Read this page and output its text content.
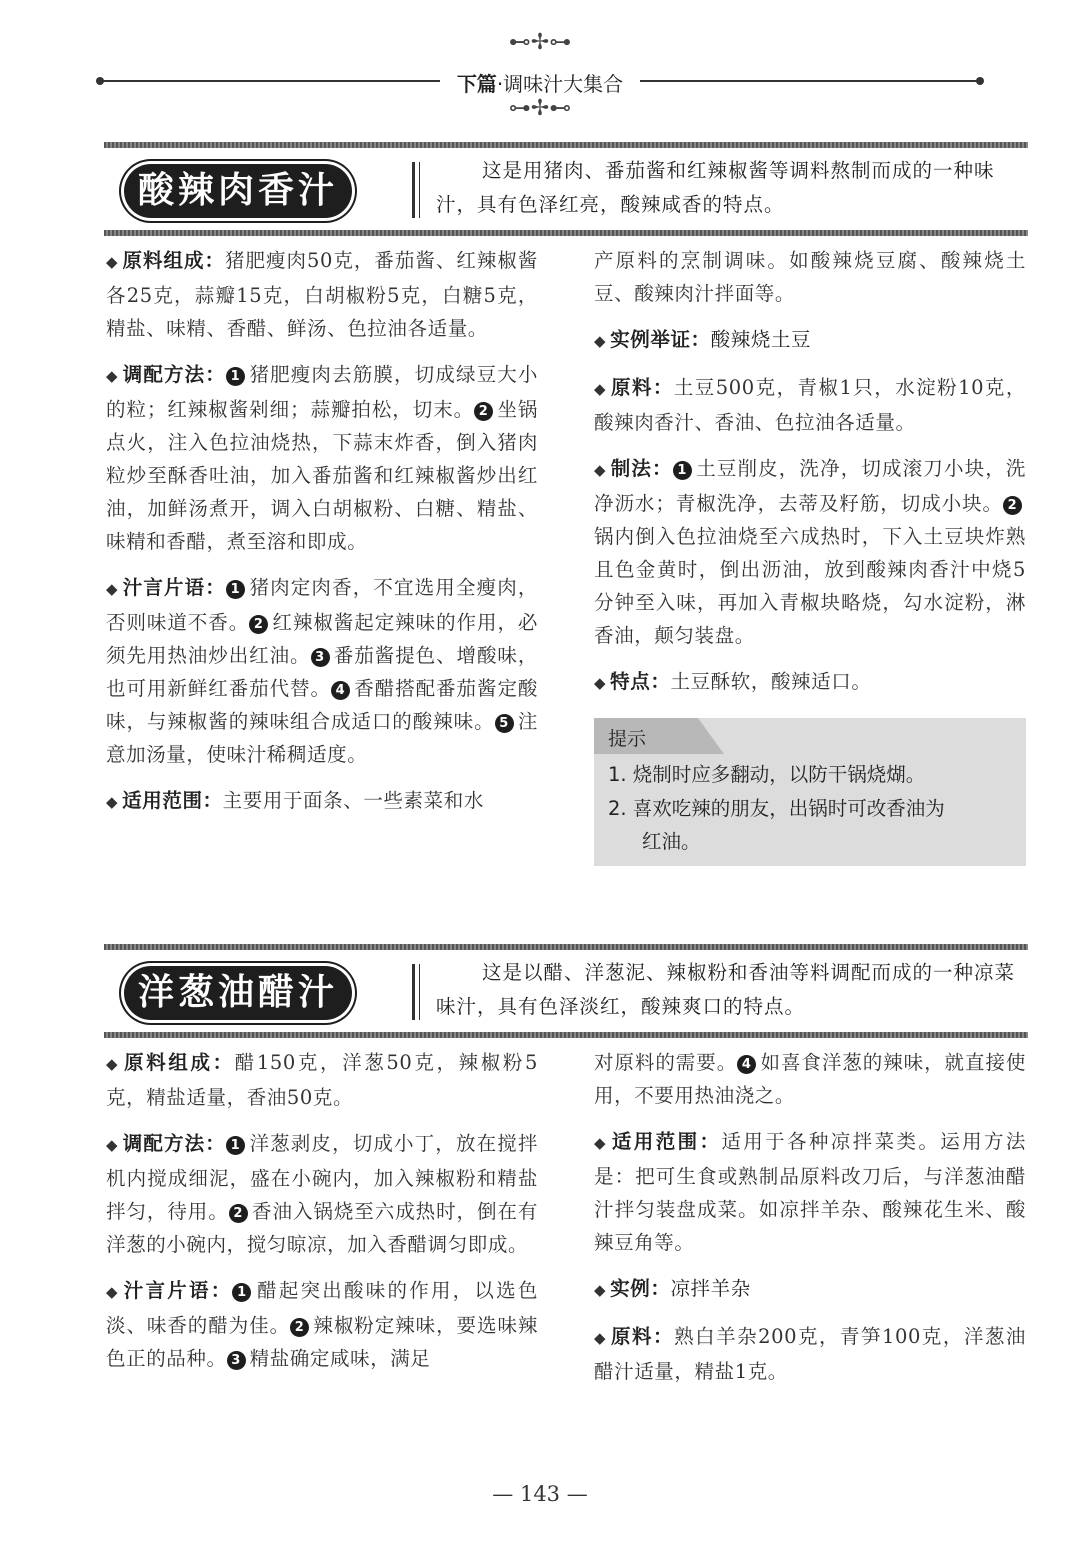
⊷✢⊶
下篇·调味汁大集合
⊶✢⊷
酸辣肉香汁	这是用猪肉、番茄酱和红辣椒酱等调料熬制而成的一种味汁，具有色泽红亮，酸辣咸香的特点。

◆ 原料组成：猪肥瘦肉50克，番茄酱、红辣椒酱各25克，蒜瓣15克，白胡椒粉5克，白糖5克，精盐、味精、香醋、鲜汤、色拉油各适量。

◆ 调配方法： 1 猪肥瘦肉去筋膜，切成绿豆大小的粒；红辣椒酱剁细；蒜瓣拍松，切末。 2 坐锅点火，注入色拉油烧热，下蒜末炸香，倒入猪肉粒炒至酥香吐油，加入番茄酱和红辣椒酱炒出红油，加鲜汤煮开，调入白胡椒粉、白糖、精盐、味精和香醋，煮至溶和即成。

◆ 汁言片语： 1 猪肉定肉香，不宜选用全瘦肉，否则味道不香。 2 红辣椒酱起定辣味的作用，必须先用热油炒出红油。 3 番茄酱提色、增酸味，也可用新鲜红番茄代替。 4 香醋搭配番茄酱定酸味，与辣椒酱的辣味组合成适口的酸辣味。 5 注意加汤量，使味汁稀稠适度。

◆ 适用范围：主要用于面条、一些素菜和水

产原料的烹制调味。如酸辣烧豆腐、酸辣烧土豆、酸辣肉汁拌面等。

◆ 实例举证：酸辣烧土豆

◆ 原料：土豆500克，青椒1只，水淀粉10克，酸辣肉香汁、香油、色拉油各适量。

◆ 制法： 1 土豆削皮，洗净，切成滚刀小块，洗净沥水；青椒洗净，去蒂及籽筋，切成小块。 2锅内倒入色拉油烧至六成热时，下入土豆块炸熟且色金黄时，倒出沥油，放到酸辣肉香汁中烧5分钟至入味，再加入青椒块略烧，勾水淀粉，淋香油，颠匀装盘。

◆ 特点：土豆酥软，酸辣适口。

提示
1. 烧制时应多翻动，以防干锅烧煳。
2. 喜欢吃辣的朋友，出锅时可改香油为
红油。
洋葱油醋汁	这是以醋、洋葱泥、辣椒粉和香油等料调配而成的一种凉菜味汁，具有色泽淡红，酸辣爽口的特点。

◆ 原料组成：醋150克，洋葱50克，辣椒粉5克，精盐适量，香油50克。

◆ 调配方法： 1 洋葱剥皮，切成小丁，放在搅拌机内搅成细泥，盛在小碗内，加入辣椒粉和精盐拌匀，待用。 2 香油入锅烧至六成热时，倒在有洋葱的小碗内，搅匀晾凉，加入香醋调匀即成。

◆ 汁言片语： 1 醋起突出酸味的作用，以选色淡、味香的醋为佳。 2 辣椒粉定辣味，要选味辣色正的品种。 3 精盐确定咸味，满足

对原料的需要。 4 如喜食洋葱的辣味，就直接使用，不要用热油浇之。

◆ 适用范围：适用于各种凉拌菜类。运用方法是：把可生食或熟制品原料改刀后，与洋葱油醋汁拌匀装盘成菜。如凉拌羊杂、酸辣花生米、酸辣豆角等。

◆ 实例：凉拌羊杂

◆ 原料：熟白羊杂200克，青笋100克，洋葱油醋汁适量，精盐1克。

— 143 —
